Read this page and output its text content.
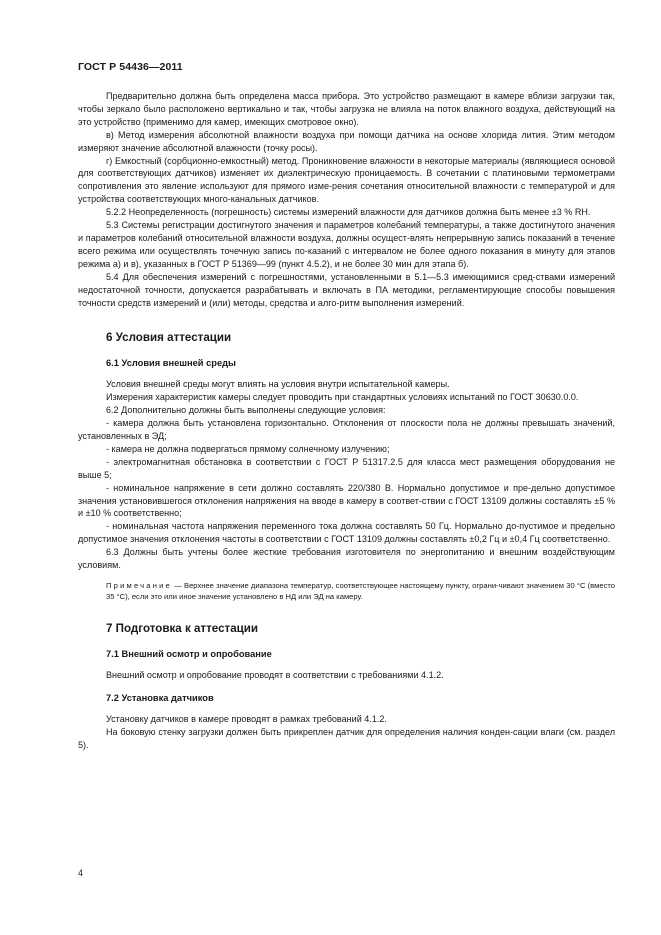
ГОСТ Р 54436—2011

Предварительно должна быть определена масса прибора. Это устройство размещают в камере вблизи загрузки так, чтобы зеркало было расположено вертикально и так, чтобы загрузка не влияла на поток влажного воздуха, действующий на это устройство (применимо для камер, имеющих смотровое окно).

в) Метод измерения абсолютной влажности воздуха при помощи датчика на основе хлорида лития. Этим методом измеряют значение абсолютной влажности (точку росы).

г) Емкостный (сорбционно-емкостный) метод. Проникновение влажности в некоторые материалы (являющиеся основой для соответствующих датчиков) изменяет их диэлектрическую проницаемость. В сочетании с платиновыми термометрами сопротивления это явление используют для прямого изме-рения сочетания относительной влажности с температурой и для устройства соответствующих много-канальных датчиков.

5.2.2 Неопределенность (погрешность) системы измерений влажности для датчиков должна быть менее ±3 % RH.

5.3 Системы регистрации достигнутого значения и параметров колебаний температуры, а также достигнутого значения и параметров колебаний относительной влажности воздуха, должны осущест-влять непрерывную запись показаний в течение всего режима или осуществлять точечную запись по-казаний с интервалом не более одного показания в минуту для этапов режима а) и в), указанных в ГОСТ Р 51369—99 (пункт 4.5.2), и не более 30 мин для этапа б).

5.4 Для обеспечения измерений с погрешностями, установленными в 5.1—5.3 имеющимися сред-ствами измерений недостаточной точности, допускается разрабатывать и включать в ПА методики, регламентирующие способы повышения точности средств измерений и (или) методы, средства и алго-ритм выполнения измерений.

6 Условия аттестации
6.1 Условия внешней среды

Условия внешней среды могут влиять на условия внутри испытательной камеры.

Измерения характеристик камеры следует проводить при стандартных условиях испытаний по ГОСТ 30630.0.0.

6.2 Дополнительно должны быть выполнены следующие условия:

- камера должна быть установлена горизонтально. Отклонения от плоскости пола не должны превышать значений, установленных в ЭД;

- камера не должна подвергаться прямому солнечному излучению;

- электромагнитная обстановка в соответствии с ГОСТ Р 51317.2.5 для класса мест размещения оборудования не выше 5;

- номинальное напряжение в сети должно составлять 220/380 В. Нормально допустимое и пре-дельно допустимое значения установившегося отклонения напряжения на вводе в камеру в соответ-ствии с ГОСТ 13109 должны составлять ±5 % и ±10 % соответственно;

- номинальная частота напряжения переменного тока должна составлять 50 Гц. Нормально до-пустимое и предельно допустимое значения отклонения частоты в соответствии с ГОСТ 13109 должны составлять ±0,2 Гц и ±0,4 Гц соответственно.

6.3 Должны быть учтены более жесткие требования изготовителя по энергопитанию и внешним воздействующим условиям.

Примечание — Верхнее значение диапазона температур, соответствующее настоящему пункту, ограни-чивают значением 30 °С (вместо 35 °С), если это или иное значение установлено в НД или ЭД на камеру.

7 Подготовка к аттестации
7.1 Внешний осмотр и опробование

Внешний осмотр и опробование проводят в соответствии с требованиями 4.1.2.

7.2 Установка датчиков

Установку датчиков в камере проводят в рамках требований 4.1.2.

На боковую стенку загрузки должен быть прикреплен датчик для определения наличия конден-сации влаги (см. раздел 5).

4
